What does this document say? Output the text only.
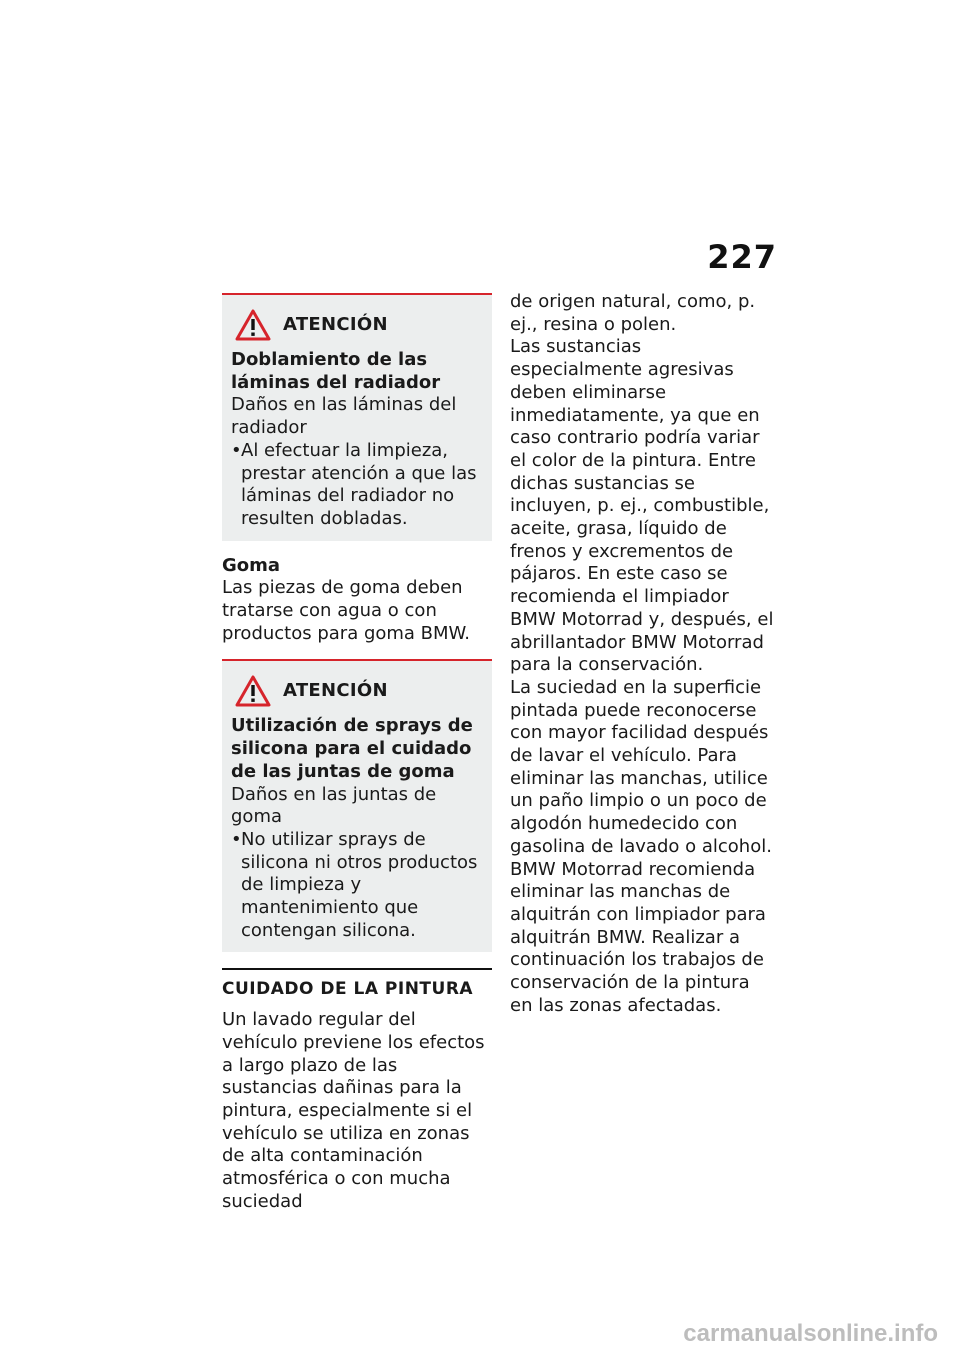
227
ATENCIÓN

Doblamiento de las láminas del radiador

Daños en las láminas del radiador

• Al efectuar la limpieza, prestar atención a que las láminas del radiador no resulten dobladas.

Goma

Las piezas de goma deben tratarse con agua o con productos para goma BMW.

ATENCIÓN

Utilización de sprays de silicona para el cuidado de las juntas de goma

Daños en las juntas de goma

• No utilizar sprays de silicona ni otros productos de limpieza y mantenimiento que contengan silicona.

CUIDADO DE LA PINTURA

Un lavado regular del vehículo previene los efectos a largo plazo de las sustancias dañinas para la pintura, especialmente si el vehículo se utiliza en zonas de alta contaminación atmosférica o con mucha suciedad

de origen natural, como, p. ej., resina o polen.

Las sustancias especialmente agresivas deben eliminarse inmediatamente, ya que en caso contrario podría variar el color de la pintura. Entre dichas sustancias se incluyen, p. ej., combustible, aceite, grasa, líquido de frenos y excrementos de pájaros. En este caso se recomienda el limpiador BMW Motorrad y, después, el abrillantador BMW Motorrad para la conservación.

La suciedad en la superficie pintada puede reconocerse con mayor facilidad después de lavar el vehículo. Para eliminar las manchas, utilice un paño limpio o un poco de algodón humedecido con gasolina de lavado o alcohol. BMW Motorrad recomienda eliminar las manchas de alquitrán con limpiador para alquitrán BMW. Realizar a continuación los trabajos de conservación de la pintura en las zonas afectadas.

carmanualsonline.info
